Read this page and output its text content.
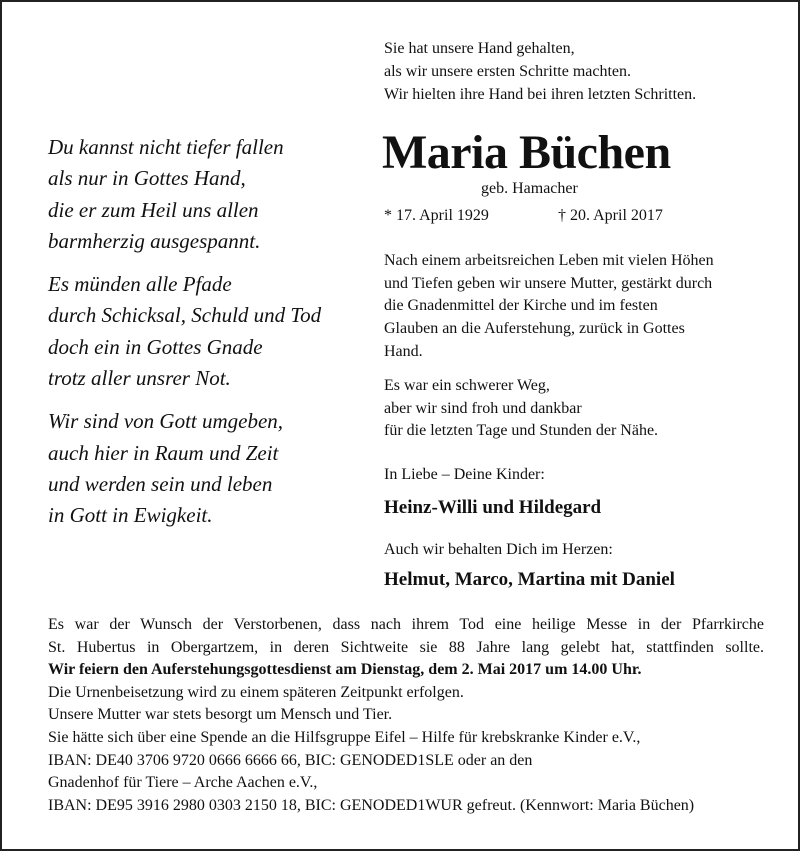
Sie hat unsere Hand gehalten,
als wir unsere ersten Schritte machten.
Wir hielten ihre Hand bei ihren letzten Schritten.
Du kannst nicht tiefer fallen
als nur in Gottes Hand,
die er zum Heil uns allen
barmherzig ausgespannt.
Es münden alle Pfade
durch Schicksal, Schuld und Tod
doch ein in Gottes Gnade
trotz aller unsrer Not.
Wir sind von Gott umgeben,
auch hier in Raum und Zeit
und werden sein und leben
in Gott in Ewigkeit.
Maria Büchen
geb. Hamacher
* 17. April 1929	† 20. April 2017
Nach einem arbeitsreichen Leben mit vielen Höhen
und Tiefen geben wir unsere Mutter, gestärkt durch
die Gnadenmittel der Kirche und im festen
Glauben an die Auferstehung, zurück in Gottes
Hand.
Es war ein schwerer Weg,
aber wir sind froh und dankbar
für die letzten Tage und Stunden der Nähe.
In Liebe – Deine Kinder:
Heinz-Willi und Hildegard
Auch wir behalten Dich im Herzen:
Helmut, Marco, Martina mit Daniel
Es war der Wunsch der Verstorbenen, dass nach ihrem Tod eine heilige Messe in der Pfarrkirche
St. Hubertus in Obergartzem, in deren Sichtweite sie 88 Jahre lang gelebt hat, stattfinden sollte.
Wir feiern den Auferstehungsgottesdienst am Dienstag, dem 2. Mai 2017 um 14.00 Uhr.
Die Urnenbeisetzung wird zu einem späteren Zeitpunkt erfolgen.
Unsere Mutter war stets besorgt um Mensch und Tier.
Sie hätte sich über eine Spende an die Hilfsgruppe Eifel – Hilfe für krebskranke Kinder e.V.,
IBAN: DE40 3706 9720 0666 6666 66, BIC: GENODED1SLE oder an den
Gnadenhof für Tiere – Arche Aachen e.V.,
IBAN: DE95 3916 2980 0303 2150 18, BIC: GENODED1WUR gefreut. (Kennwort: Maria Büchen)
